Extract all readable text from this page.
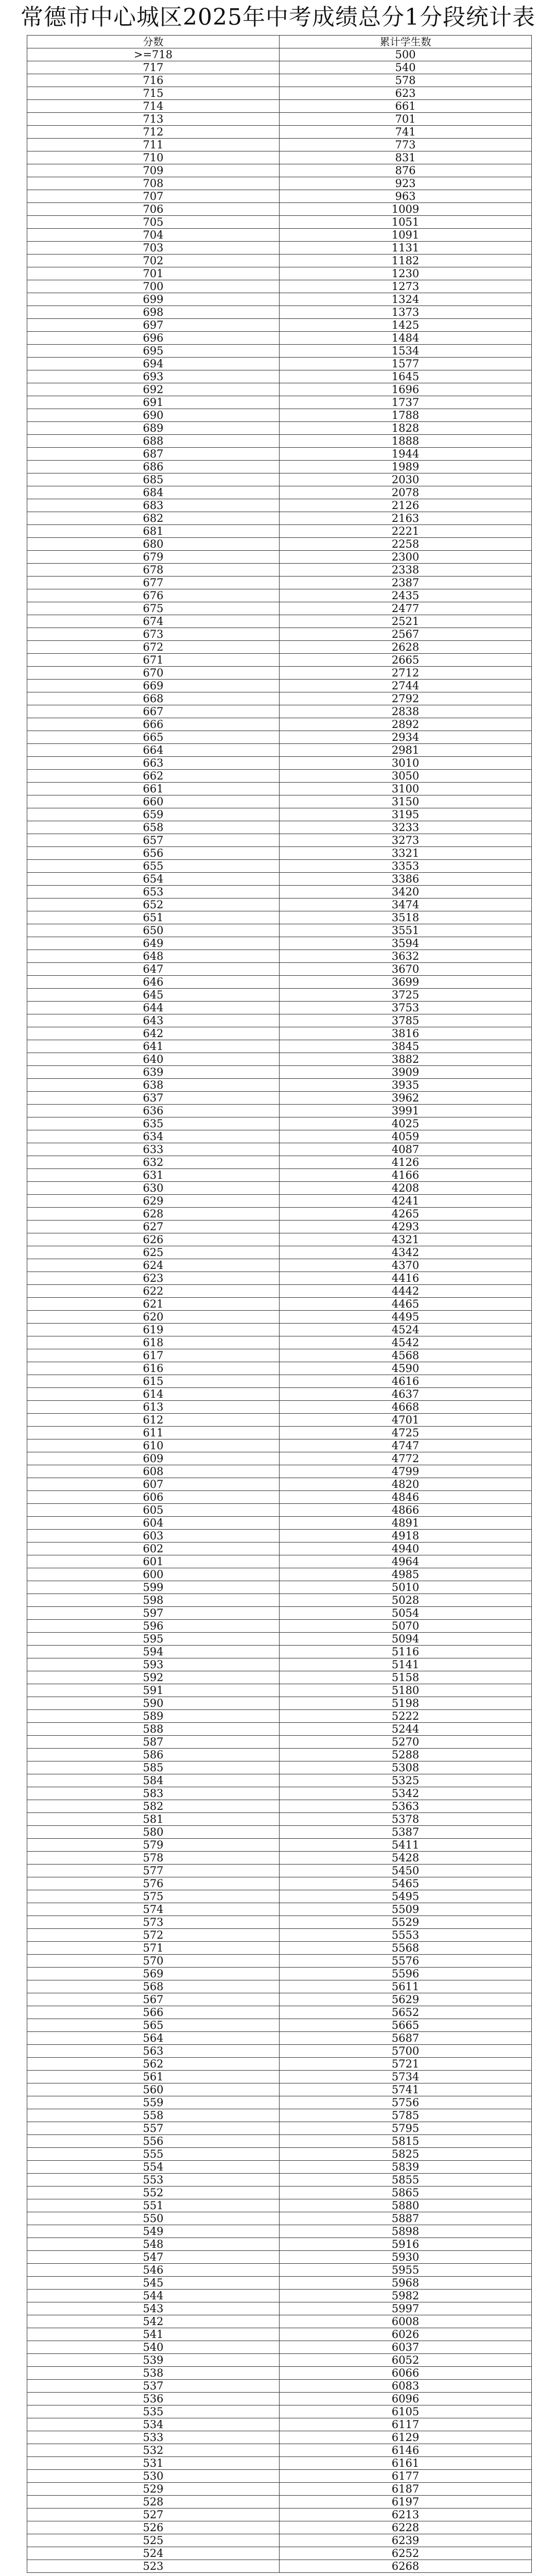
常德市中心城区2025年中考成绩总分1分段统计表
分数	累计学生数
>=718	500
717	540
716	578
715	623
714	661
713	701
712	741
711	773
710	831
709	876
708	923
707	963
706	1009
705	1051
704	1091
703	1131
702	1182
701	1230
700	1273
699	1324
698	1373
697	1425
696	1484
695	1534
694	1577
693	1645
692	1696
691	1737
690	1788
689	1828
688	1888
687	1944
686	1989
685	2030
684	2078
683	2126
682	2163
681	2221
680	2258
679	2300
678	2338
677	2387
676	2435
675	2477
674	2521
673	2567
672	2628
671	2665
670	2712
669	2744
668	2792
667	2838
666	2892
665	2934
664	2981
663	3010
662	3050
661	3100
660	3150
659	3195
658	3233
657	3273
656	3321
655	3353
654	3386
653	3420
652	3474
651	3518
650	3551
649	3594
648	3632
647	3670
646	3699
645	3725
644	3753
643	3785
642	3816
641	3845
640	3882
639	3909
638	3935
637	3962
636	3991
635	4025
634	4059
633	4087
632	4126
631	4166
630	4208
629	4241
628	4265
627	4293
626	4321
625	4342
624	4370
623	4416
622	4442
621	4465
620	4495
619	4524
618	4542
617	4568
616	4590
615	4616
614	4637
613	4668
612	4701
611	4725
610	4747
609	4772
608	4799
607	4820
606	4846
605	4866
604	4891
603	4918
602	4940
601	4964
600	4985
599	5010
598	5028
597	5054
596	5070
595	5094
594	5116
593	5141
592	5158
591	5180
590	5198
589	5222
588	5244
587	5270
586	5288
585	5308
584	5325
583	5342
582	5363
581	5378
580	5387
579	5411
578	5428
577	5450
576	5465
575	5495
574	5509
573	5529
572	5553
571	5568
570	5576
569	5596
568	5611
567	5629
566	5652
565	5665
564	5687
563	5700
562	5721
561	5734
560	5741
559	5756
558	5785
557	5795
556	5815
555	5825
554	5839
553	5855
552	5865
551	5880
550	5887
549	5898
548	5916
547	5930
546	5955
545	5968
544	5982
543	5997
542	6008
541	6026
540	6037
539	6052
538	6066
537	6083
536	6096
535	6105
534	6117
533	6129
532	6146
531	6161
530	6177
529	6187
528	6197
527	6213
526	6228
525	6239
524	6252
523	6268
